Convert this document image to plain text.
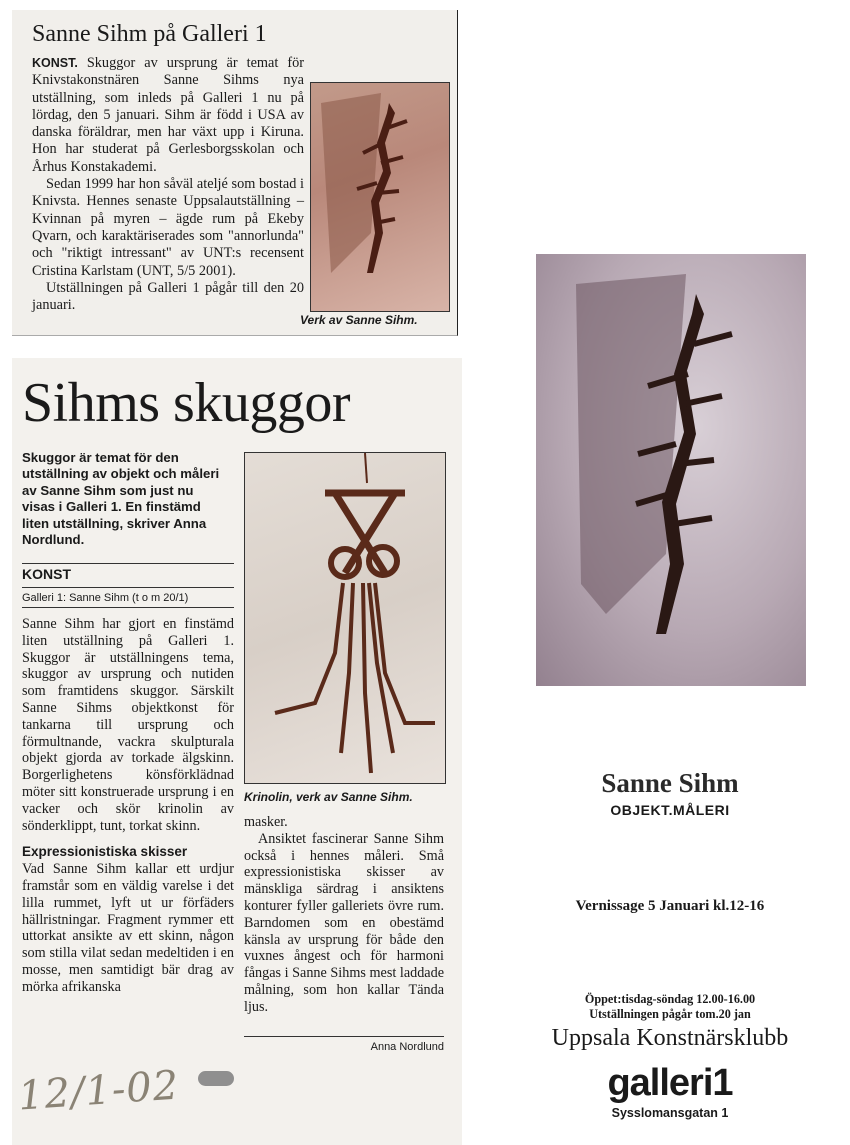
Sanne Sihm på Galleri 1

KONST. Skuggor av ursprung är temat för Knivstakonstnären Sanne Sihms nya utställning, som inleds på Galleri 1 nu på lördag, den 5 januari. Sihm är född i USA av danska föräldrar, men har växt upp i Kiruna. Hon har studerat på Gerlesborgsskolan och Århus Konstakademi.

Sedan 1999 har hon såväl ateljé som bostad i Knivsta. Hennes senaste Uppsalautställning – Kvinnan på myren – ägde rum på Ekeby Qvarn, och karaktäriserades som "annorlunda" och "riktigt intressant" av UNT:s recensent Cristina Karlstam (UNT, 5/5 2001).

Utställningen på Galleri 1 pågår till den 20 januari.

Verk av Sanne Sihm.
Sihms skuggor
Skuggor är temat för den utställning av objekt och måleri av Sanne Sihm som just nu visas i Galleri 1. En finstämd liten utställning, skriver Anna Nordlund.
KONST
Galleri 1: Sanne Sihm (t o m 20/1)

Sanne Sihm har gjort en finstämd liten utställning på Galleri 1. Skuggor är utställningens tema, skuggor av ursprung och nutiden som framtidens skuggor. Särskilt Sanne Sihms objektkonst för tankarna till ursprung och förmultnande, vackra skulpturala objekt gjorda av torkade älgskinn. Borgerlighetens könsförklädnad möter sitt konstruerade ursprung i en vacker och skör krinolin av sönderklippt, tunt, torkat skinn.

Expressionistiska skisser

Vad Sanne Sihm kallar ett urdjur framstår som en väldig varelse i det lilla rummet, lyft ut ur förfäders hällristningar. Fragment rymmer ett uttorkat ansikte av ett skinn, någon som stilla vilat sedan medeltiden i en mosse, men samtidigt bär drag av mörka afrikanska

Krinolin, verk av Sanne Sihm.

masker.

Ansiktet fascinerar Sanne Sihm också i hennes måleri. Små expressionistiska skisser av mänskliga särdrag i ansiktens konturer fyller galleriets övre rum. Barndomen som en obestämd känsla av ursprung för både den vuxnes ångest och för harmoni fångas i Sanne Sihms mest laddade målning, som hon kallar Tända ljus.

Anna Nordlund
12/1-02
Sanne Sihm
OBJEKT.MÅLERI
Vernissage 5 Januari kl.12-16
Öppet:tisdag-söndag 12.00-16.00
Utställningen pågår tom.20 jan
Uppsala Konstnärsklubb
galleri1
Sysslomansgatan 1
